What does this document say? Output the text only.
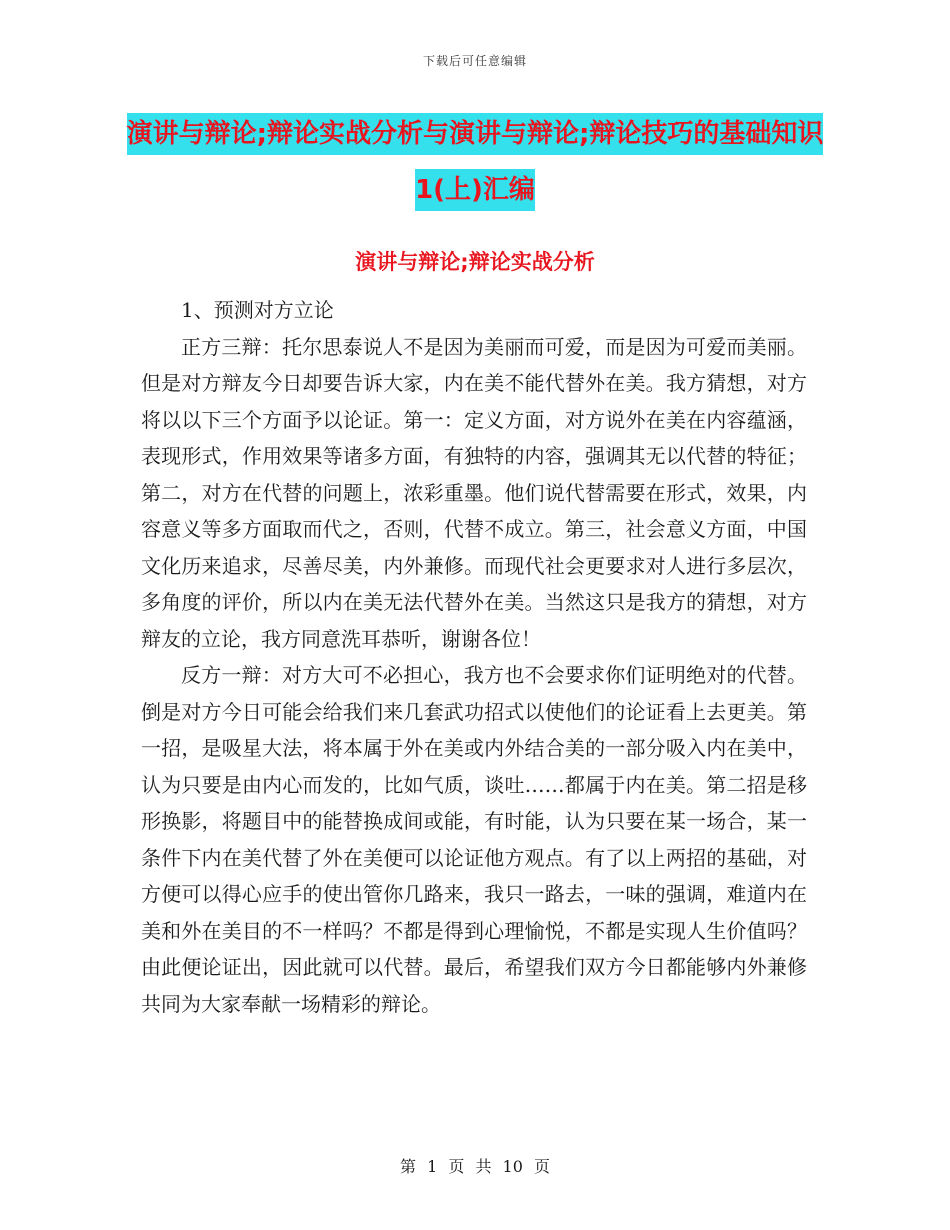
下载后可任意编辑
演讲与辩论;辩论实战分析与演讲与辩论;辩论技巧的基础知识1(上)汇编
演讲与辩论;辩论实战分析

1、预测对方立论

正方三辩：托尔思泰说人不是因为美丽而可爱，而是因为可爱而美丽。但是对方辩友今日却要告诉大家，内在美不能代替外在美。我方猜想，对方将以以下三个方面予以论证。第一：定义方面，对方说外在美在内容蕴涵，表现形式，作用效果等诸多方面，有独特的内容，强调其无以代替的特征；第二，对方在代替的问题上，浓彩重墨。他们说代替需要在形式，效果，内容意义等多方面取而代之，否则，代替不成立。第三，社会意义方面，中国文化历来追求，尽善尽美，内外兼修。而现代社会更要求对人进行多层次，多角度的评价，所以内在美无法代替外在美。当然这只是我方的猜想，对方辩友的立论，我方同意洗耳恭听，谢谢各位！

反方一辩：对方大可不必担心，我方也不会要求你们证明绝对的代替。倒是对方今日可能会给我们来几套武功招式以使他们的论证看上去更美。第一招，是吸星大法，将本属于外在美或内外结合美的一部分吸入内在美中，认为只要是由内心而发的，比如气质，谈吐……都属于内在美。第二招是移形换影，将题目中的能替换成间或能，有时能，认为只要在某一场合，某一条件下内在美代替了外在美便可以论证他方观点。有了以上两招的基础，对方便可以得心应手的使出管你几路来，我只一路去，一味的强调，难道内在美和外在美目的不一样吗？不都是得到心理愉悦，不都是实现人生价值吗？由此便论证出，因此就可以代替。最后，希望我们双方今日都能够内外兼修共同为大家奉献一场精彩的辩论。

第 1 页 共 10 页
